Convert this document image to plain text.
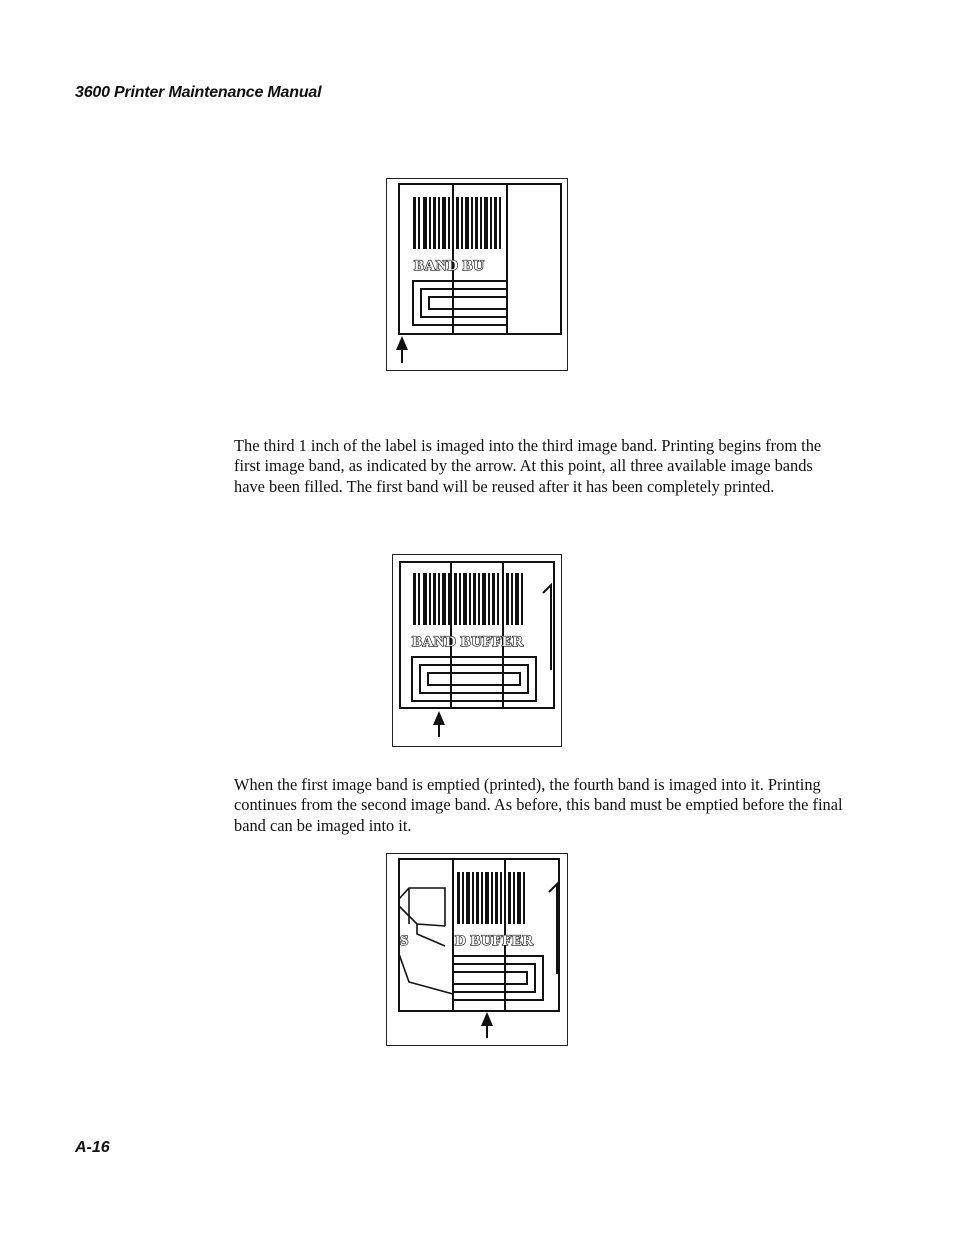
3600 Printer Maintenance Manual
BAND BU

The third 1 inch of the label is imaged into the third image band. Printing begins from the first image band, as indicated by the arrow. At this point, all three available image bands have been filled. The first band will be reused after it has been completely printed.

BAND BUFFER

When the first image band is emptied (printed), the fourth band is imaged into it. Printing continues from the second image band. As before, this band must be emptied before the final band can be imaged into it.

S	D BUFFER
A-16
